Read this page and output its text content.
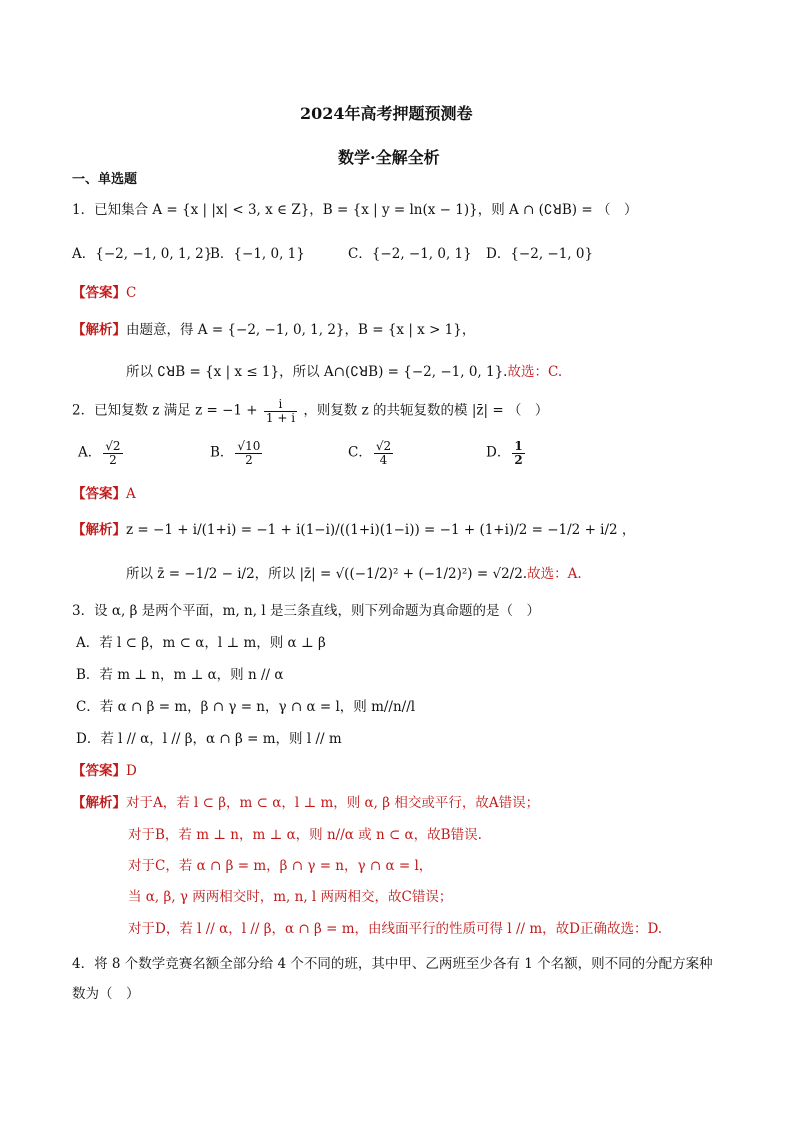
2024年高考押题预测卷
数学·全解全析
一、单选题
1．已知集合 A = {x | |x| < 3, x ∈ Z}，B = {x | y = ln(x − 1)}，则 A ∩ (∁ꓤB) = （　）
A．{−2, −1, 0, 1, 2}
B．{−1, 0, 1}	C．{−2, −1, 0, 1} D．{−2, −1, 0}
【答案】C
【解析】由题意，得 A = {−2, −1, 0, 1, 2}，B = {x | x > 1}，
所以 ∁ꓤB = {x | x ≤ 1}，所以 A∩(∁ꓤB) = {−2, −1, 0, 1}.故选：C.
2．已知复数 z 满足 $z = -1 + \frac{i}{1 + i}$ ，则复数 z 的共轭复数的模 |z̄| = （　）
A． $\frac{√2}{2}$	B． $\frac{√10}{2}$	C． $\frac{√2}{4}$	D． $\frac{1}{2}$
【答案】A
【解析】z = −1 + i/(1+i) = −1 + i(1−i)/((1+i)(1−i)) = −1 + (1+i)/2 = −1/2 + i/2 ，
所以 z̄ = −1/2 − i/2，所以 |z̄| = √((−1/2)² + (−1/2)²) = √2/2.故选：A.
3．设 α, β 是两个平面，m, n, l 是三条直线，则下列命题为真命题的是（　）
A．若 l ⊂ β，m ⊂ α，l ⊥ m，则 α ⊥ β
B．若 m ⊥ n，m ⊥ α，则 n // α
C．若 α ∩ β = m，β ∩ γ = n，γ ∩ α = l，则 m//n//l
D．若 l // α，l // β，α ∩ β = m，则 l // m
【答案】D
【解析】对于A，若 l ⊂ β，m ⊂ α，l ⊥ m，则 α, β 相交或平行，故A错误；
对于B，若 m ⊥ n，m ⊥ α，则 n//α 或 n ⊂ α，故B错误.
对于C，若 α ∩ β = m，β ∩ γ = n，γ ∩ α = l，
当 α, β, γ 两两相交时，m, n, l 两两相交，故C错误；
对于D，若 l // α，l // β，α ∩ β = m，由线面平行的性质可得 l // m，故D正确故选：D.
4．将 8 个数学竞赛名额全部分给 4 个不同的班，其中甲、乙两班至少各有 1 个名额，则不同的分配方案种
数为（　）
